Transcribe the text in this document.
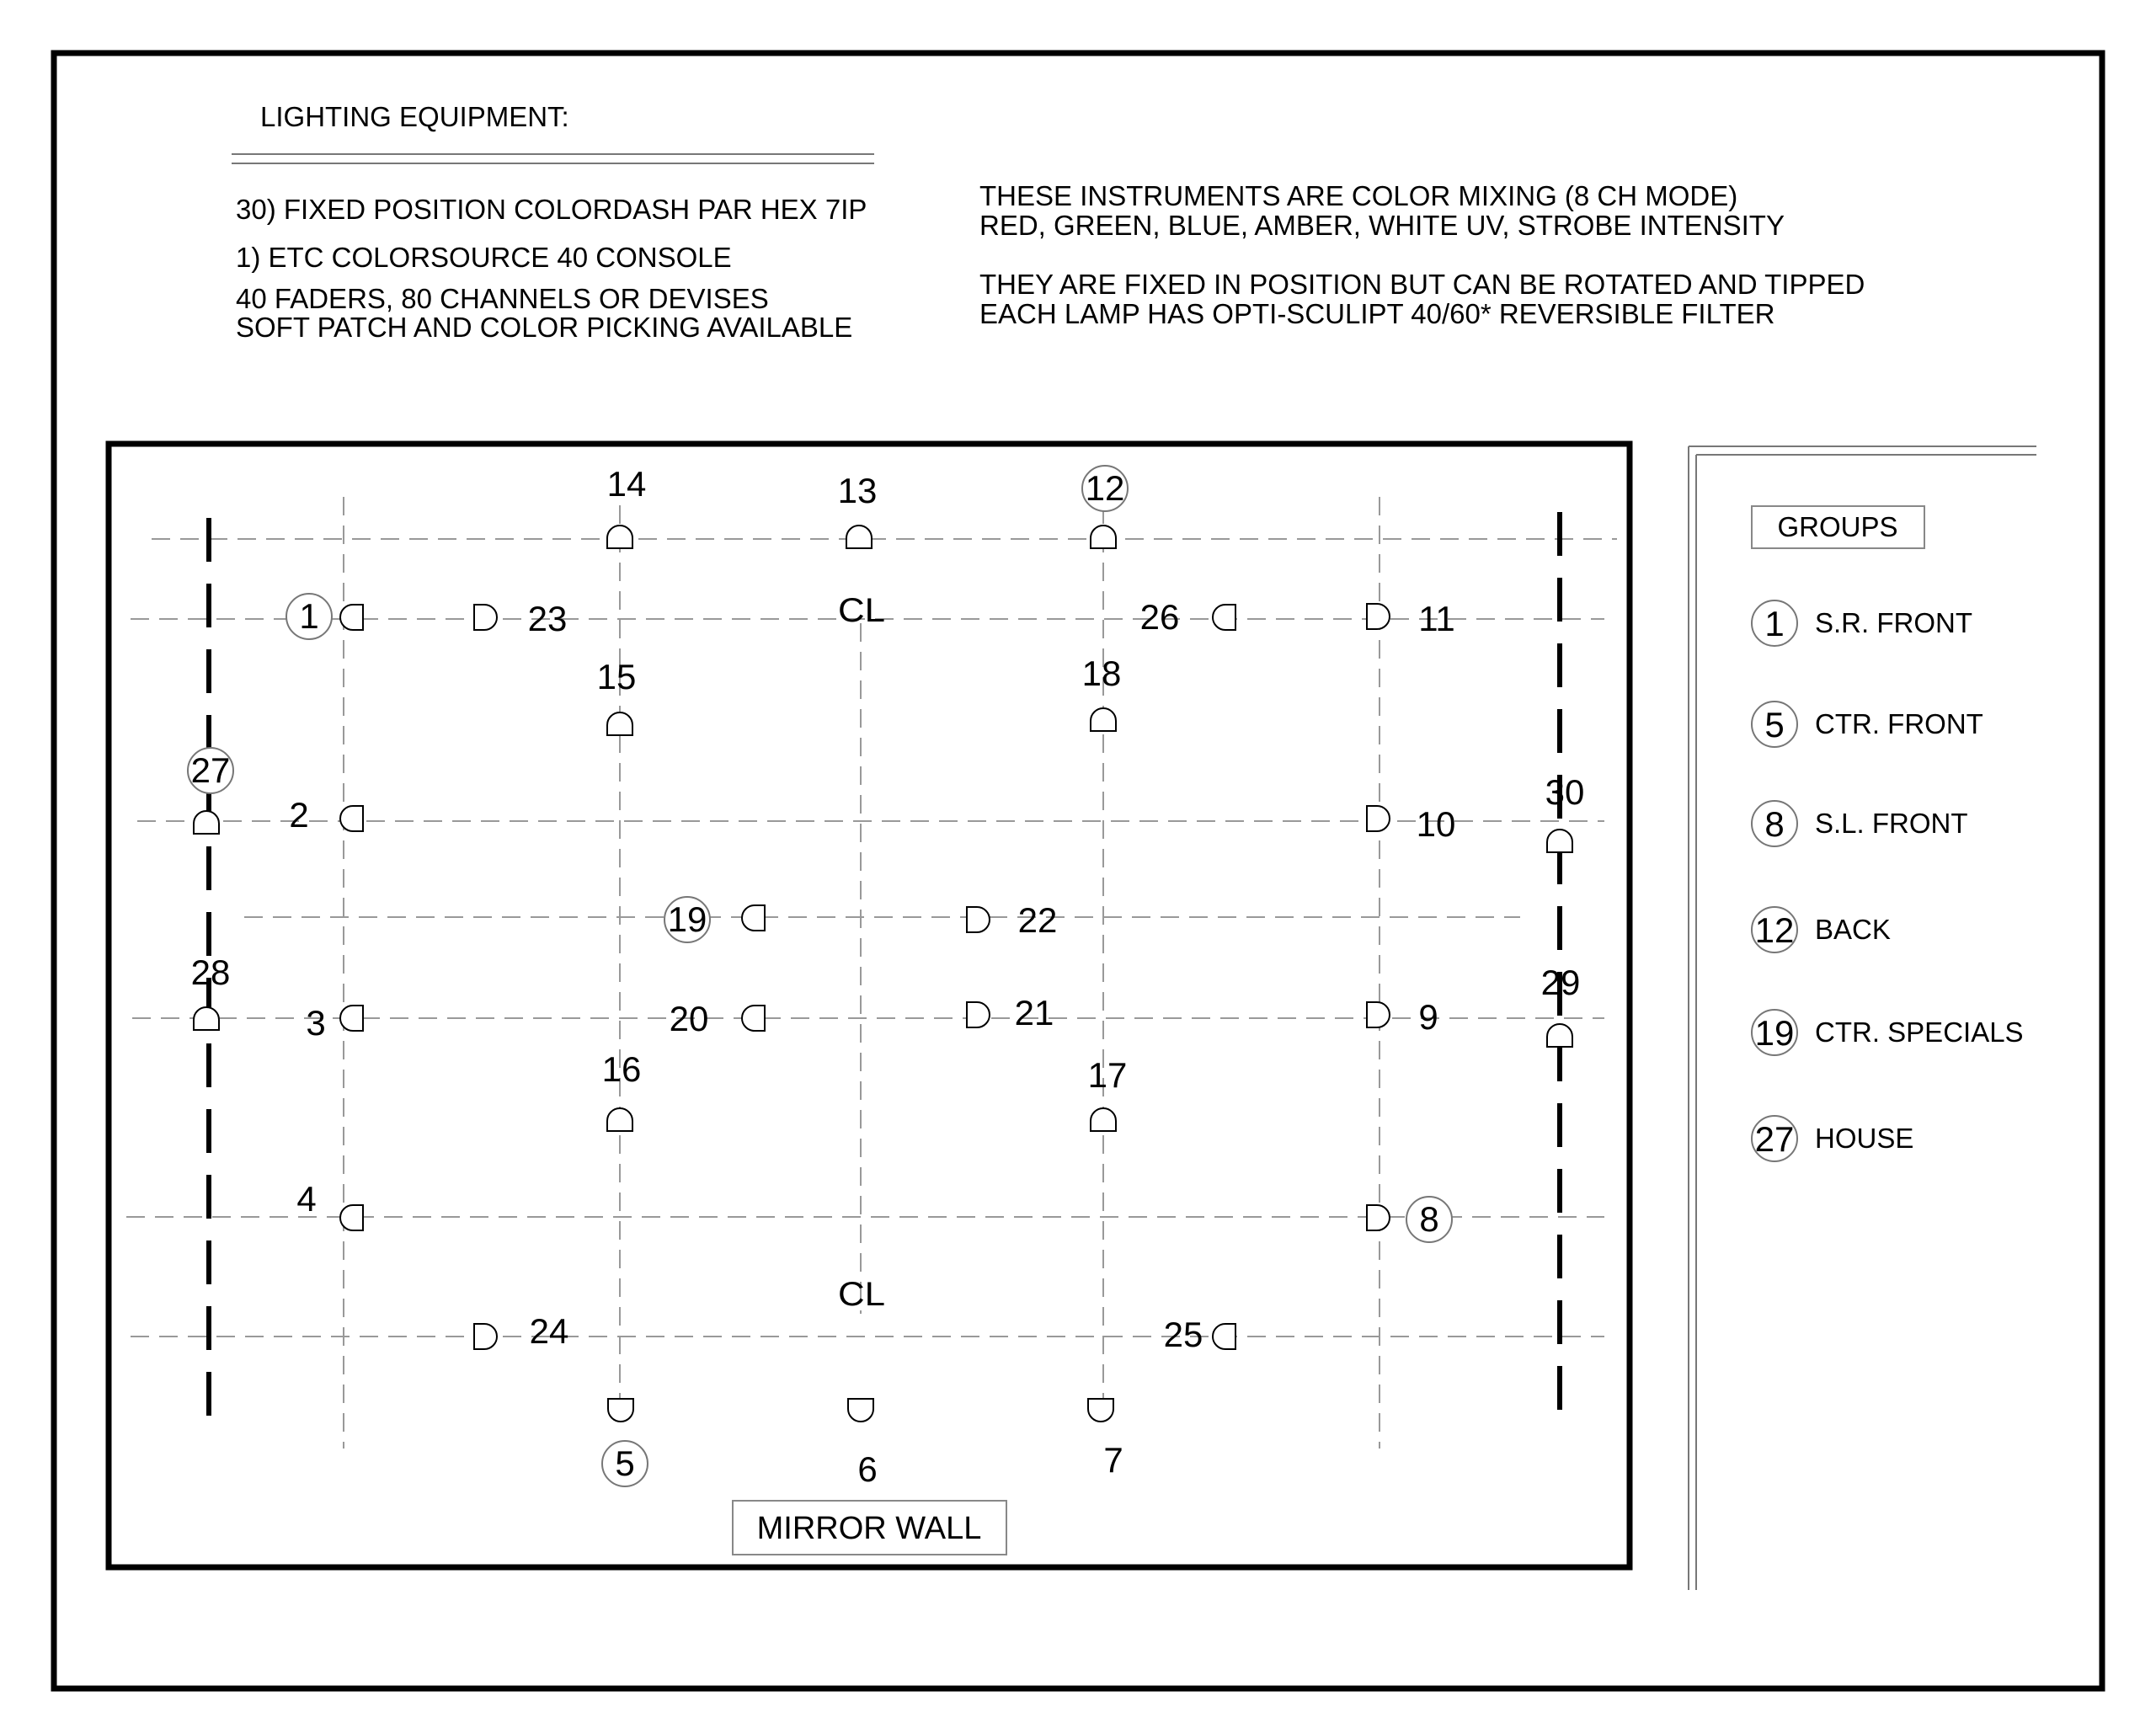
LIGHTING EQUIPMENT:
30) FIXED POSITION COLORDASH PAR HEX 7IP
1) ETC COLORSOURCE 40 CONSOLE
40 FADERS, 80 CHANNELS OR DEVISES
SOFT PATCH AND COLOR PICKING AVAILABLE
THESE INSTRUMENTS ARE COLOR MIXING (8 CH MODE)
RED, GREEN, BLUE, AMBER, WHITE UV, STROBE INTENSITY
THEY ARE FIXED IN POSITION BUT CAN BE ROTATED AND TIPPED
EACH LAMP HAS OPTI-SCULIPT 40/60* REVERSIBLE FILTER
CL
CL
1
2
3
4
5	6	7
8
9
10
11
12
13
14
15
16	17
18
19
20	21
22
23
24	25
26
27
28	29
30
MIRROR WALL
GROUPS
1 S.R. FRONT
5 CTR. FRONT
8 S.L. FRONT
12 BACK
19 CTR. SPECIALS
27 HOUSE
